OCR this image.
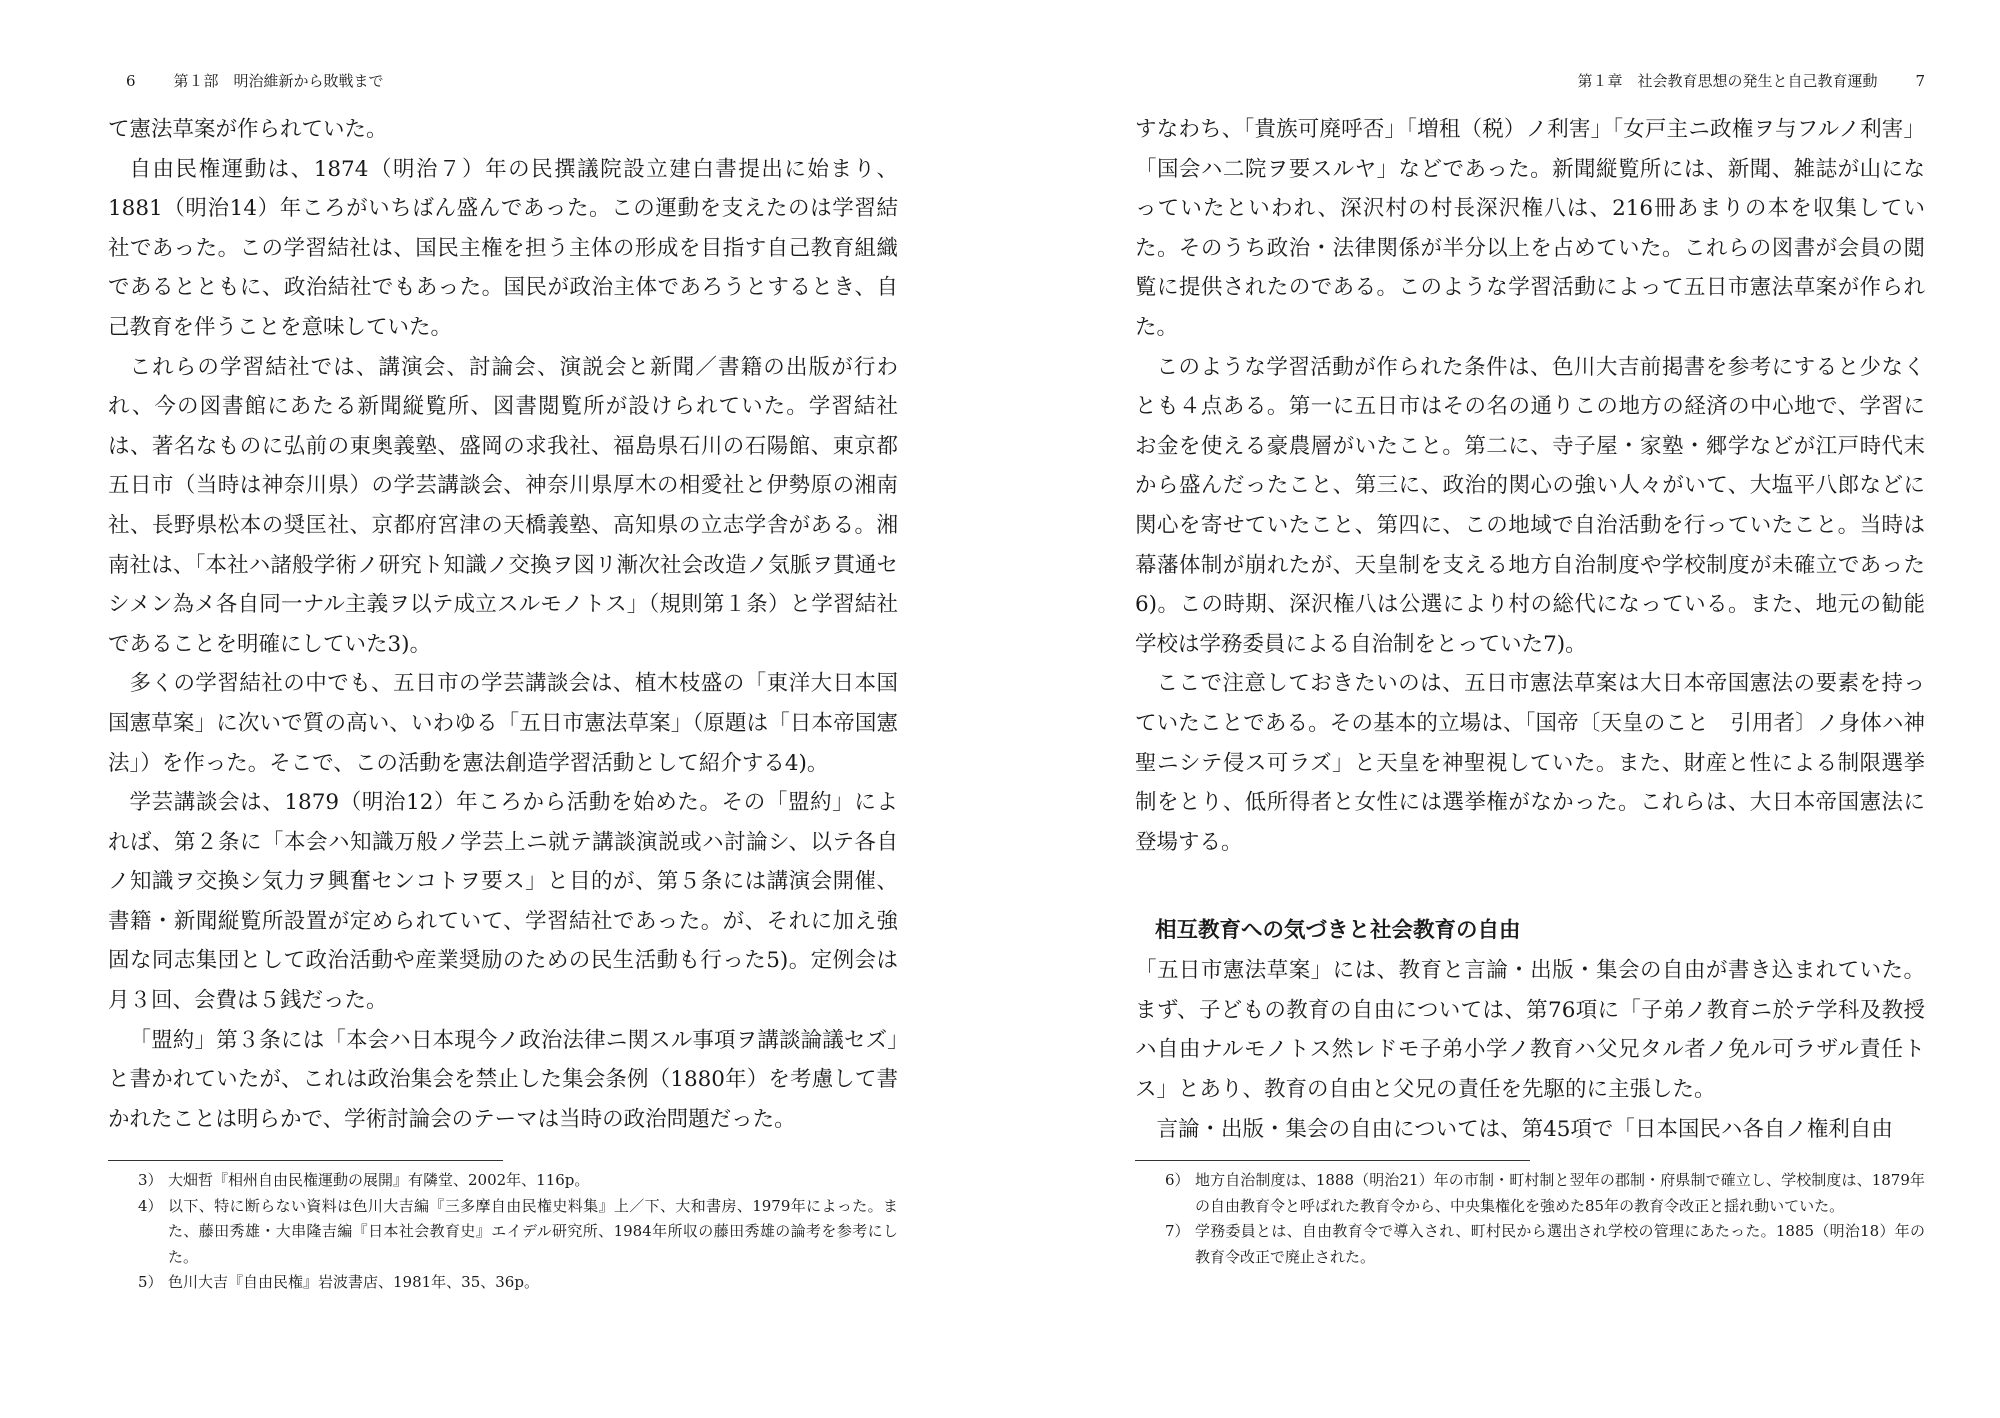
6	第１部　明治維新から敗戦まで

て憲法草案が作られていた。

自由民権運動は、1874（明治７）年の民撰議院設立建白書提出に始まり、1881（明治14）年ころがいちばん盛んであった。この運動を支えたのは学習結社であった。この学習結社は、国民主権を担う主体の形成を目指す自己教育組織であるとともに、政治結社でもあった。国民が政治主体であろうとするとき、自己教育を伴うことを意味していた。

これらの学習結社では、講演会、討論会、演説会と新聞／書籍の出版が行われ、今の図書館にあたる新聞縦覧所、図書閲覧所が設けられていた。学習結社は、著名なものに弘前の東奥義塾、盛岡の求我社、福島県石川の石陽館、東京都五日市（当時は神奈川県）の学芸講談会、神奈川県厚木の相愛社と伊勢原の湘南社、長野県松本の奨匡社、京都府宮津の天橋義塾、高知県の立志学舎がある。湘南社は、「本社ハ諸般学術ノ研究ト知識ノ交換ヲ図リ漸次社会改造ノ気脈ヲ貫通セシメン為メ各自同一ナル主義ヲ以テ成立スルモノトス」（規則第１条）と学習結社であることを明確にしていた3)。

多くの学習結社の中でも、五日市の学芸講談会は、植木枝盛の「東洋大日本国国憲草案」に次いで質の高い、いわゆる「五日市憲法草案」（原題は「日本帝国憲法」）を作った。そこで、この活動を憲法創造学習活動として紹介する4)。

学芸講談会は、1879（明治12）年ころから活動を始めた。その「盟約」によれば、第２条に「本会ハ知識万般ノ学芸上ニ就テ講談演説或ハ討論シ、以テ各自ノ知識ヲ交換シ気力ヲ興奮センコトヲ要ス」と目的が、第５条には講演会開催、書籍・新聞縦覧所設置が定められていて、学習結社であった。が、それに加え強固な同志集団として政治活動や産業奨励のための民生活動も行った5)。定例会は月３回、会費は５銭だった。

「盟約」第３条には「本会ハ日本現今ノ政治法律ニ関スル事項ヲ講談論議セズ」と書かれていたが、これは政治集会を禁止した集会条例（1880年）を考慮して書かれたことは明らかで、学術討論会のテーマは当時の政治問題だった。

3） 大畑哲『相州自由民権運動の展開』有隣堂、2002年、116p。
4） 以下、特に断らない資料は色川大吉編『三多摩自由民権史料集』上／下、大和書房、1979年によった。また、藤田秀雄・大串隆吉編『日本社会教育史』エイデル研究所、1984年所収の藤田秀雄の論考を参考にした。
5） 色川大吉『自由民権』岩波書店、1981年、35、36p。
第１章　社会教育思想の発生と自己教育運動	7

すなわち、「貴族可廃呼否」「増租（税）ノ利害」「女戸主ニ政権ヲ与フルノ利害」「国会ハ二院ヲ要スルヤ」などであった。新聞縦覧所には、新聞、雑誌が山になっていたといわれ、深沢村の村長深沢権八は、216冊あまりの本を収集していた。そのうち政治・法律関係が半分以上を占めていた。これらの図書が会員の閲覧に提供されたのである。このような学習活動によって五日市憲法草案が作られた。

このような学習活動が作られた条件は、色川大吉前掲書を参考にすると少なくとも４点ある。第一に五日市はその名の通りこの地方の経済の中心地で、学習にお金を使える豪農層がいたこと。第二に、寺子屋・家塾・郷学などが江戸時代末から盛んだったこと、第三に、政治的関心の強い人々がいて、大塩平八郎などに関心を寄せていたこと、第四に、この地域で自治活動を行っていたこと。当時は幕藩体制が崩れたが、天皇制を支える地方自治制度や学校制度が未確立であった6)。この時期、深沢権八は公選により村の総代になっている。また、地元の勧能学校は学務委員による自治制をとっていた7)。

ここで注意しておきたいのは、五日市憲法草案は大日本帝国憲法の要素を持っていたことである。その基本的立場は、「国帝〔天皇のこと　引用者〕ノ身体ハ神聖ニシテ侵ス可ラズ」と天皇を神聖視していた。また、財産と性による制限選挙制をとり、低所得者と女性には選挙権がなかった。これらは、大日本帝国憲法に登場する。

相互教育への気づきと社会教育の自由

「五日市憲法草案」には、教育と言論・出版・集会の自由が書き込まれていた。まず、子どもの教育の自由については、第76項に「子弟ノ教育ニ於テ学科及教授ハ自由ナルモノトス然レドモ子弟小学ノ教育ハ父兄タル者ノ免ル可ラザル責任トス」とあり、教育の自由と父兄の責任を先駆的に主張した。

言論・出版・集会の自由については、第45項で「日本国民ハ各自ノ権利自由

6） 地方自治制度は、1888（明治21）年の市制・町村制と翌年の郡制・府県制で確立し、学校制度は、1879年の自由教育令と呼ばれた教育令から、中央集権化を強めた85年の教育令改正と揺れ動いていた。
7） 学務委員とは、自由教育令で導入され、町村民から選出され学校の管理にあたった。1885（明治18）年の教育令改正で廃止された。
